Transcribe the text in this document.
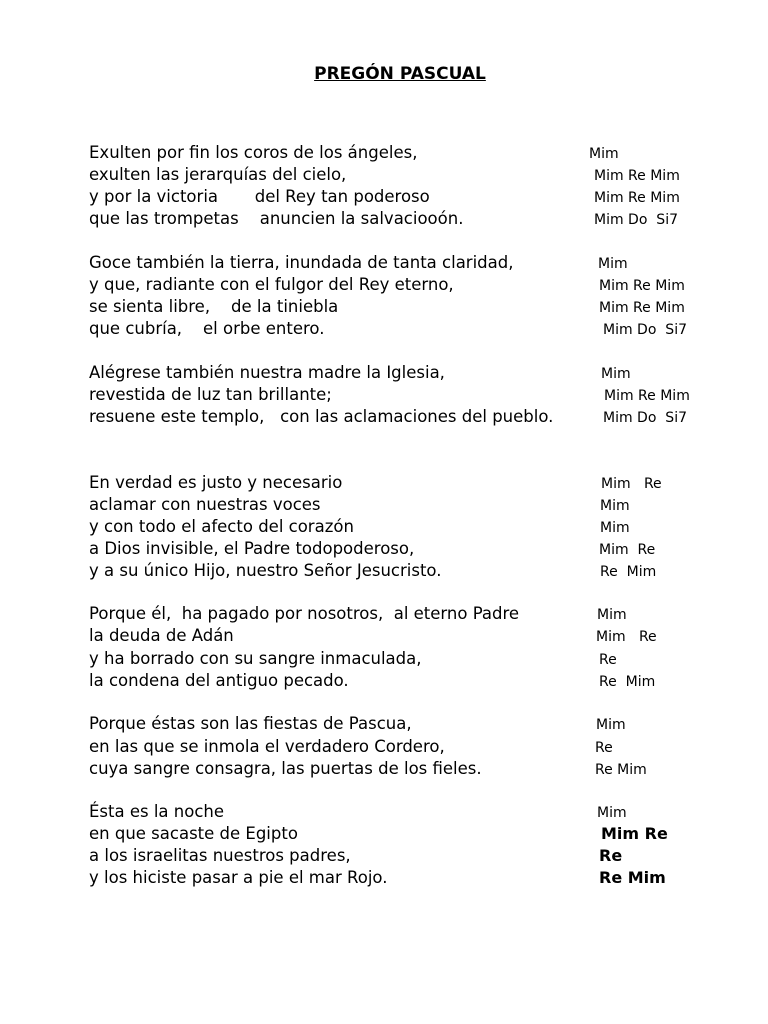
PREGÓN PASCUAL
Exulten por fin los coros de los ángeles,	Mim
exulten las jerarquías del cielo,	Mim Re Mim
y por la victoria       del Rey tan poderoso	Mim Re Mim
que las trompetas    anuncien la salvaciooón.	Mim Do  Si7
Goce también la tierra, inundada de tanta claridad,	Mim
y que, radiante con el fulgor del Rey eterno,	Mim Re Mim
se sienta libre,    de la tiniebla	Mim Re Mim
que cubría,    el orbe entero.	Mim Do  Si7
Alégrese también nuestra madre la Iglesia,	Mim
revestida de luz tan brillante;	Mim Re Mim
resuene este templo,   con las aclamaciones del pueblo.	Mim Do  Si7
En verdad es justo y necesario	Mim   Re
aclamar con nuestras voces	Mim
y con todo el afecto del corazón	Mim
a Dios invisible, el Padre todopoderoso,	Mim  Re
y a su único Hijo, nuestro Señor Jesucristo.	Re  Mim
Porque él,  ha pagado por nosotros,  al eterno Padre	Mim
la deuda de Adán	Mim   Re
y ha borrado con su sangre inmaculada,	Re
la condena del antiguo pecado.	Re  Mim
Porque éstas son las fiestas de Pascua,	Mim
en las que se inmola el verdadero Cordero,	Re
cuya sangre consagra, las puertas de los fieles.	Re Mim
Ésta es la noche	Mim
en que sacaste de Egipto	Mim Re
a los israelitas nuestros padres,	Re
y los hiciste pasar a pie el mar Rojo.	Re Mim
